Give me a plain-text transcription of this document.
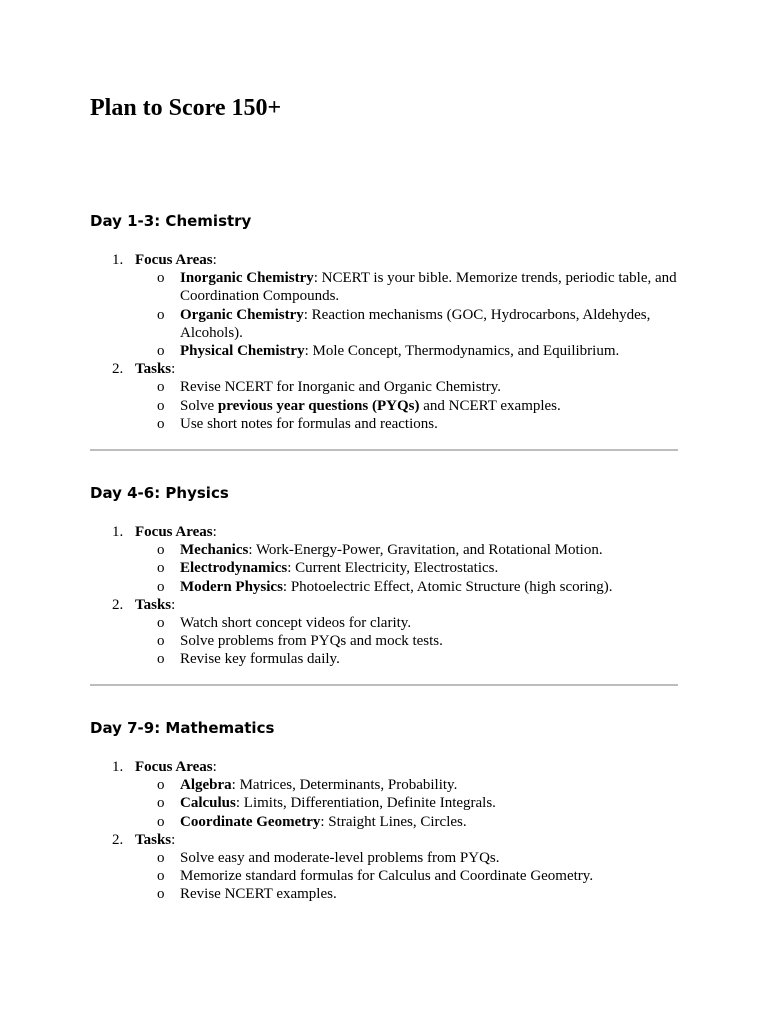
Plan to Score 150+
Day 1-3: Chemistry
1. Focus Areas:
o Inorganic Chemistry: NCERT is your bible. Memorize trends, periodic table, and Coordination Compounds.
o Organic Chemistry: Reaction mechanisms (GOC, Hydrocarbons, Aldehydes, Alcohols).
o Physical Chemistry: Mole Concept, Thermodynamics, and Equilibrium.
2. Tasks:
o Revise NCERT for Inorganic and Organic Chemistry.
o Solve previous year questions (PYQs) and NCERT examples.
o Use short notes for formulas and reactions.
Day 4-6: Physics
1. Focus Areas:
o Mechanics: Work-Energy-Power, Gravitation, and Rotational Motion.
o Electrodynamics: Current Electricity, Electrostatics.
o Modern Physics: Photoelectric Effect, Atomic Structure (high scoring).
2. Tasks:
o Watch short concept videos for clarity.
o Solve problems from PYQs and mock tests.
o Revise key formulas daily.
Day 7-9: Mathematics
1. Focus Areas:
o Algebra: Matrices, Determinants, Probability.
o Calculus: Limits, Differentiation, Definite Integrals.
o Coordinate Geometry: Straight Lines, Circles.
2. Tasks:
o Solve easy and moderate-level problems from PYQs.
o Memorize standard formulas for Calculus and Coordinate Geometry.
o Revise NCERT examples.
